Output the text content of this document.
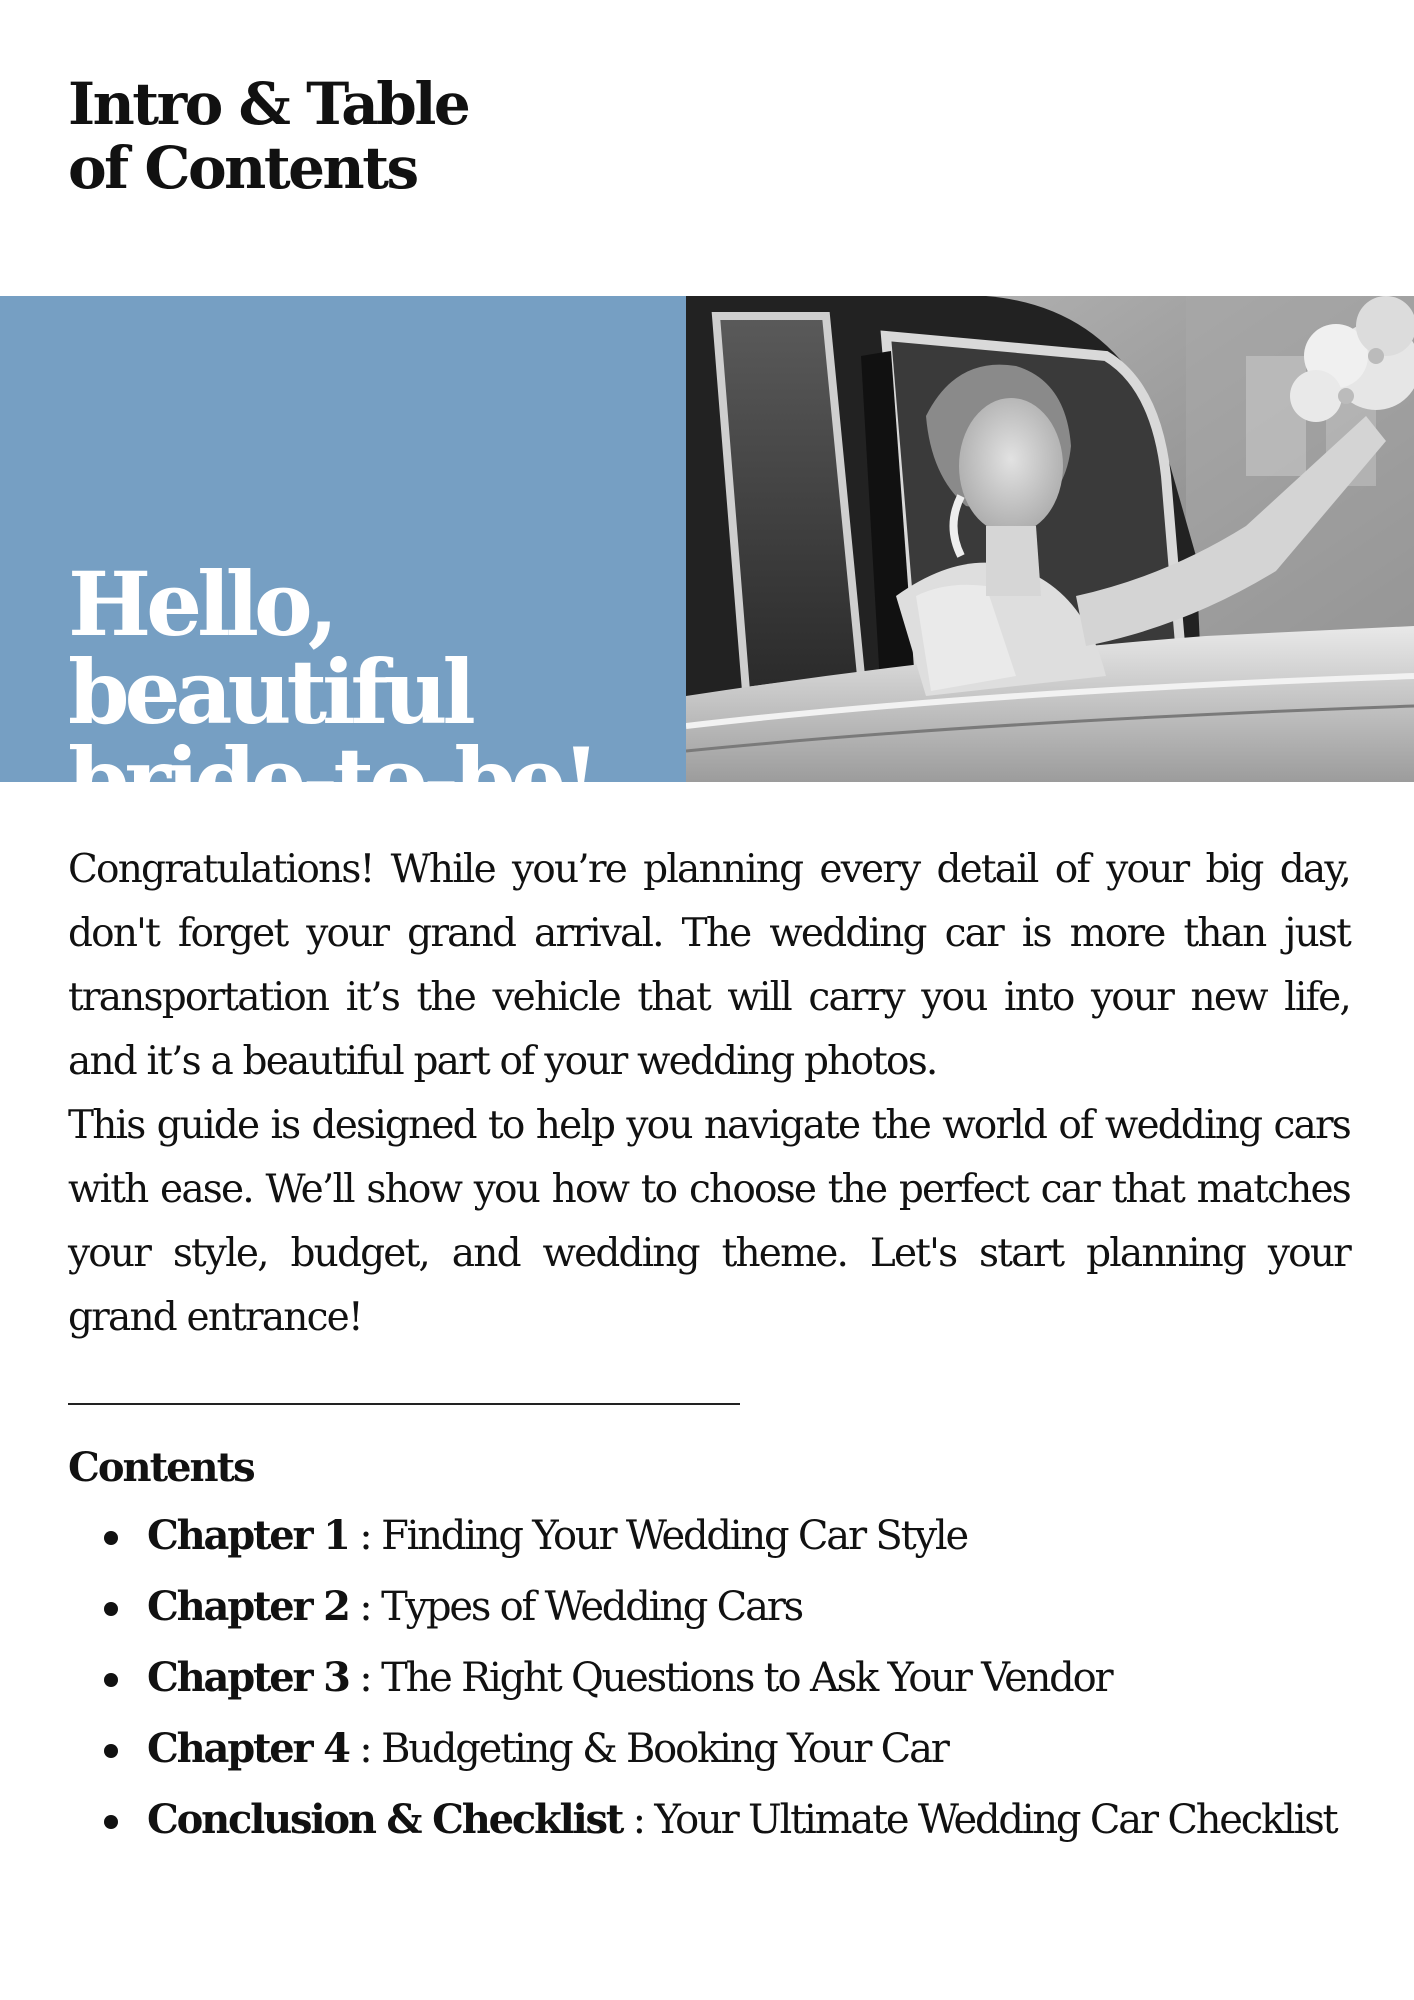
Intro & Table of Contents
Hello, beautiful bride-to-be!

Congratulations! While you’re planning every detail of your big day, don't forget your grand arrival. The wedding car is more than just transportation it’s the vehicle that will carry you into your new life, and it’s a beautiful part of your wedding photos.

This guide is designed to help you navigate the world of wedding cars with ease. We’ll show you how to choose the perfect car that matches your style, budget, and wedding theme. Let's start planning your grand entrance!

Contents
Chapter 1 : Finding Your Wedding Car Style
Chapter 2 : Types of Wedding Cars
Chapter 3 : The Right Questions to Ask Your Vendor
Chapter 4 : Budgeting & Booking Your Car
Conclusion & Checklist : Your Ultimate Wedding Car Checklist
